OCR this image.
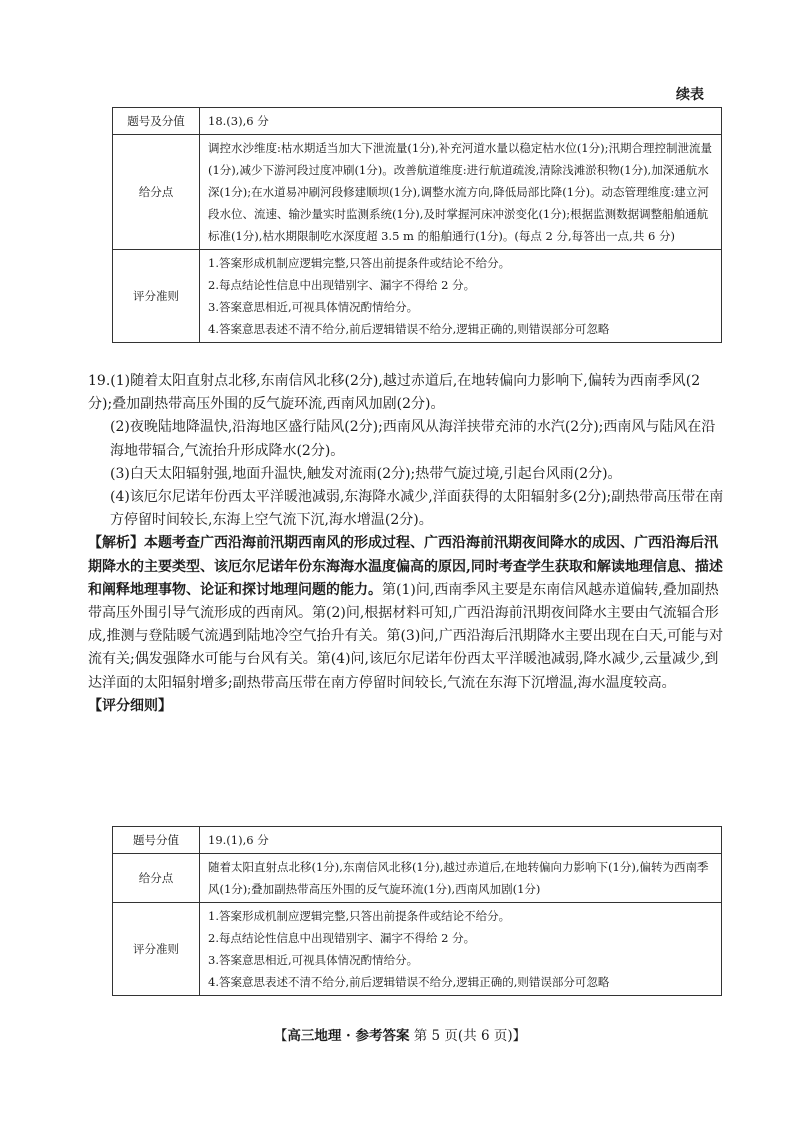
续表
题号及分值	18.(3),6 分
给分点	调控水沙维度:枯水期适当加大下泄流量(1分),补充河道水量以稳定枯水位(1分);汛期合理控制泄流量(1分),减少下游河段过度冲刷(1分)。改善航道维度:进行航道疏浚,清除浅滩淤积物(1分),加深通航水深(1分);在水道易冲刷河段修建顺坝(1分),调整水流方向,降低局部比降(1分)。动态管理维度:建立河段水位、流速、输沙量实时监测系统(1分),及时掌握河床冲淤变化(1分);根据监测数据调整船舶通航标准(1分),枯水期限制吃水深度超 3.5 m 的船舶通行(1分)。(每点 2 分,每答出一点,共 6 分)
评分准则	1.答案形成机制应逻辑完整,只答出前提条件或结论不给分。
2.每点结论性信息中出现错别字、漏字不得给 2 分。
3.答案意思相近,可视具体情况酌情给分。
4.答案意思表述不清不给分,前后逻辑错误不给分,逻辑正确的,则错误部分可忽略

19.(1)随着太阳直射点北移,东南信风北移(2分),越过赤道后,在地转偏向力影响下,偏转为西南季风(2分);叠加副热带高压外围的反气旋环流,西南风加剧(2分)。

(2)夜晚陆地降温快,沿海地区盛行陆风(2分);西南风从海洋挟带充沛的水汽(2分);西南风与陆风在沿海地带辐合,气流抬升形成降水(2分)。

(3)白天太阳辐射强,地面升温快,触发对流雨(2分);热带气旋过境,引起台风雨(2分)。

(4)该厄尔尼诺年份西太平洋暖池减弱,东海降水减少,洋面获得的太阳辐射多(2分);副热带高压带在南方停留时间较长,东海上空气流下沉,海水增温(2分)。

【解析】本题考查广西沿海前汛期西南风的形成过程、广西沿海前汛期夜间降水的成因、广西沿海后汛期降水的主要类型、该厄尔尼诺年份东海海水温度偏高的原因,同时考查学生获取和解读地理信息、描述和阐释地理事物、论证和探讨地理问题的能力。第(1)问,西南季风主要是东南信风越赤道偏转,叠加副热带高压外围引导气流形成的西南风。第(2)问,根据材料可知,广西沿海前汛期夜间降水主要由气流辐合形成,推测与登陆暖气流遇到陆地冷空气抬升有关。第(3)问,广西沿海后汛期降水主要出现在白天,可能与对流有关;偶发强降水可能与台风有关。第(4)问,该厄尔尼诺年份西太平洋暖池减弱,降水减少,云量减少,到达洋面的太阳辐射增多;副热带高压带在南方停留时间较长,气流在东海下沉增温,海水温度较高。

【评分细则】

题号分值	19.(1),6 分
给分点	随着太阳直射点北移(1分),东南信风北移(1分),越过赤道后,在地转偏向力影响下(1分),偏转为西南季风(1分);叠加副热带高压外围的反气旋环流(1分),西南风加剧(1分)
评分准则	1.答案形成机制应逻辑完整,只答出前提条件或结论不给分。
2.每点结论性信息中出现错别字、漏字不得给 2 分。
3.答案意思相近,可视具体情况酌情给分。
4.答案意思表述不清不给分,前后逻辑错误不给分,逻辑正确的,则错误部分可忽略
【高三地理 · 参考答案 第 5 页(共 6 页)】
